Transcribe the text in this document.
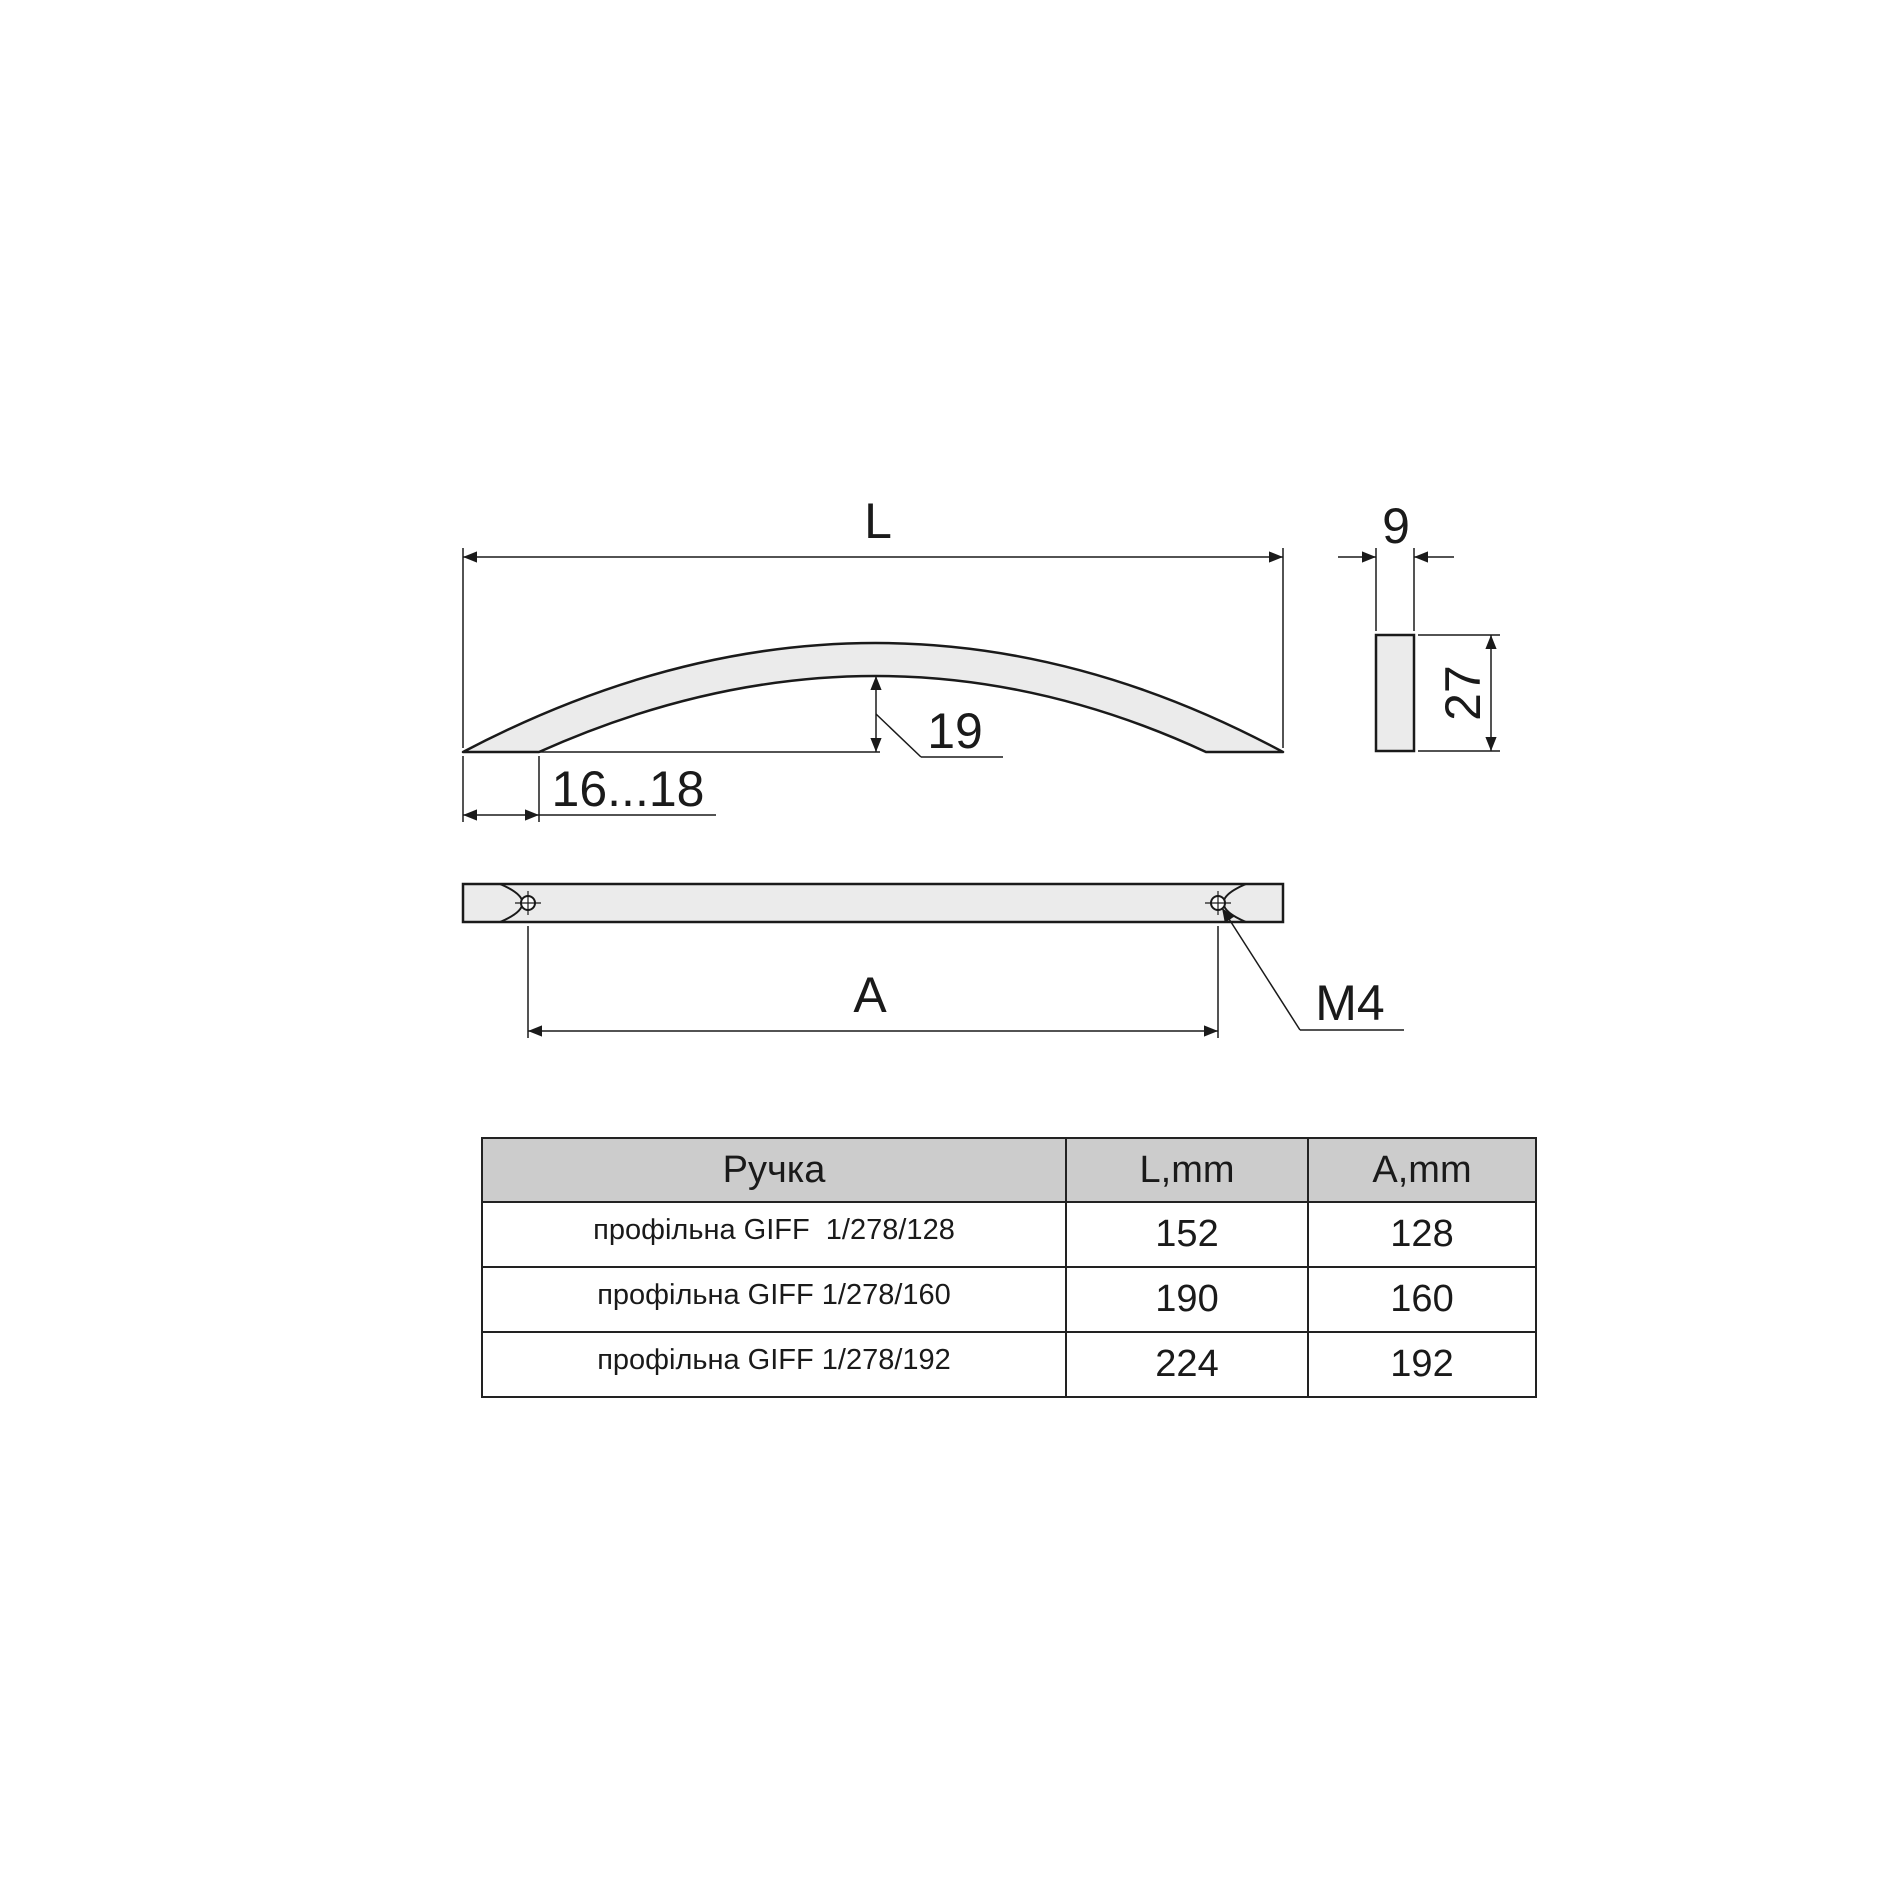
L
19
16...18
9
27
A	M4
Ручка	L,mm	A,mm
профільна GIFF  1/278/128	152	128
профільна GIFF 1/278/160	190	160
профільна GIFF 1/278/192	224	192
